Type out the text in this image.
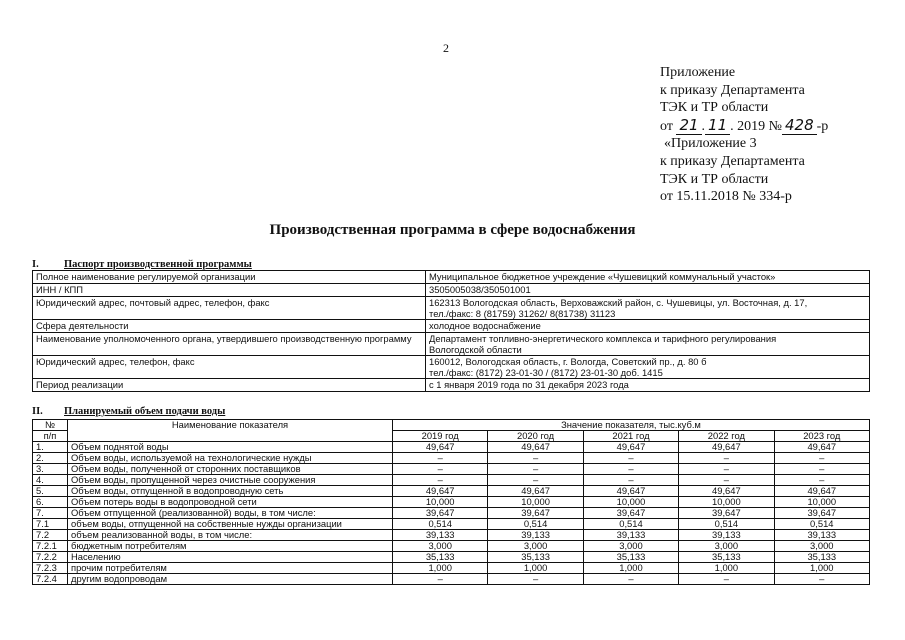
2
Приложение
к приказу Департамента
ТЭК и ТР области
от 21 . 11 . 2019 № 428 -р
«Приложение 3
к приказу Департамента
ТЭК и ТР области
от 15.11.2018 № 334-р
Производственная программа в сфере водоснабжения
I. Паспорт производственной программы
Полное наименование регулируемой организации	Муниципальное бюджетное учреждение «Чушевицкий коммунальный участок»

ИНН / КПП	3505005038/350501001

Юридический адрес, почтовый адрес, телефон, факс	162313 Вологодская область, Верховажский район, с. Чушевицы, ул. Восточная, д. 17,
тел./факс: 8 (81759) 31262/ 8(81738) 31123

Сфера деятельности	холодное водоснабжение

Наименование уполномоченного органа, утвердившего производственную программу	Департамент топливно-энергетического комплекса и тарифного регулирования
Вологодской области

Юридический адрес, телефон, факс	160012, Вологодская область, г. Вологда, Советский пр., д. 80 б
тел./факс: (8172) 23-01-30 / (8172) 23-01-30 доб. 1415

Период реализации	с 1 января 2019 года по 31 декабря 2023 года
II. Планируемый объем подачи воды
№	Наименование показателя	Значение показателя, тыс.куб.м				
п/п		2019 год	2020 год	2021 год	2022 год	2023 год
1.	Объем поднятой воды	49,647	49,647	49,647	49,647	49,647
2.	Объем воды, используемой на технологические нужды	–	–	–	–	–
3.	Объем воды, полученной от сторонних поставщиков	–	–	–	–	–
4.	Объем воды, пропущенной через очистные сооружения	–	–	–	–	–
5.	Объем воды, отпущенной в водопроводную сеть	49,647	49,647	49,647	49,647	49,647
6.	Объем потерь воды в водопроводной сети	10,000	10,000	10,000	10,000	10,000
7.	Объем отпущенной (реализованной) воды, в том числе:	39,647	39,647	39,647	39,647	39,647
7.1	объем воды, отпущенной на собственные нужды организации	0,514	0,514	0,514	0,514	0,514
7.2	объем реализованной воды, в том числе:	39,133	39,133	39,133	39,133	39,133
7.2.1	бюджетным потребителям	3,000	3,000	3,000	3,000	3,000
7.2.2	Населению	35,133	35,133	35,133	35,133	35,133
7.2.3	прочим потребителям	1,000	1,000	1,000	1,000	1,000
7.2.4	другим водопроводам	–	–	–	–	–
